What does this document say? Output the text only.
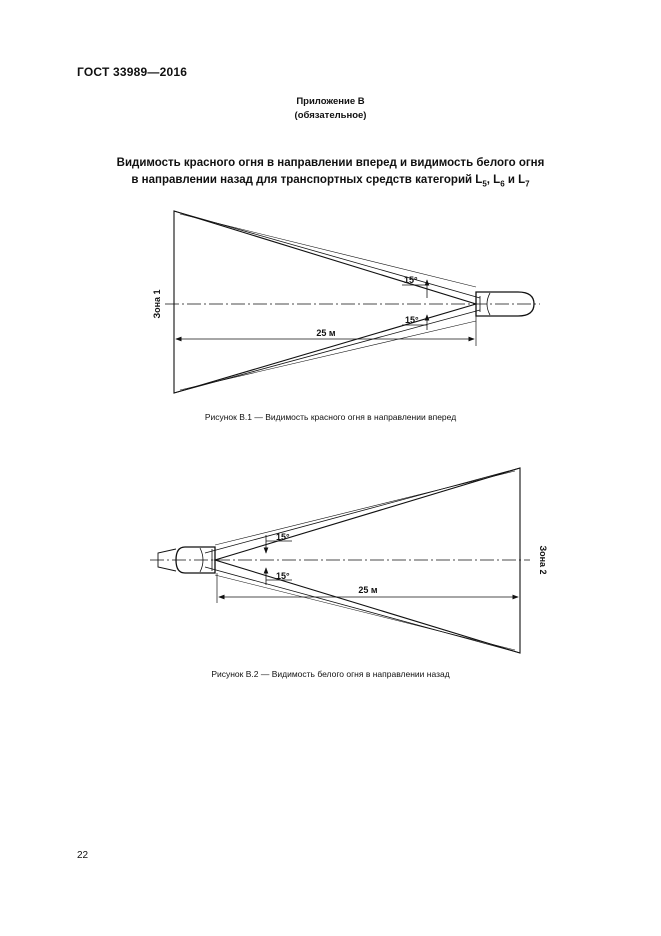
ГОСТ 33989—2016
Приложение В
(обязательное)
Видимость красного огня в направлении вперед и видимость белого огня
в направлении назад для транспортных средств категорий $L_5$, $L_6$ и $L_7$
Зона 1
15°
15°
25 м
Зона 2
15°
15°
25 м
Рисунок В.1 — Видимость красного огня в направлении вперед
Рисунок В.2 — Видимость белого огня в направлении назад
22
